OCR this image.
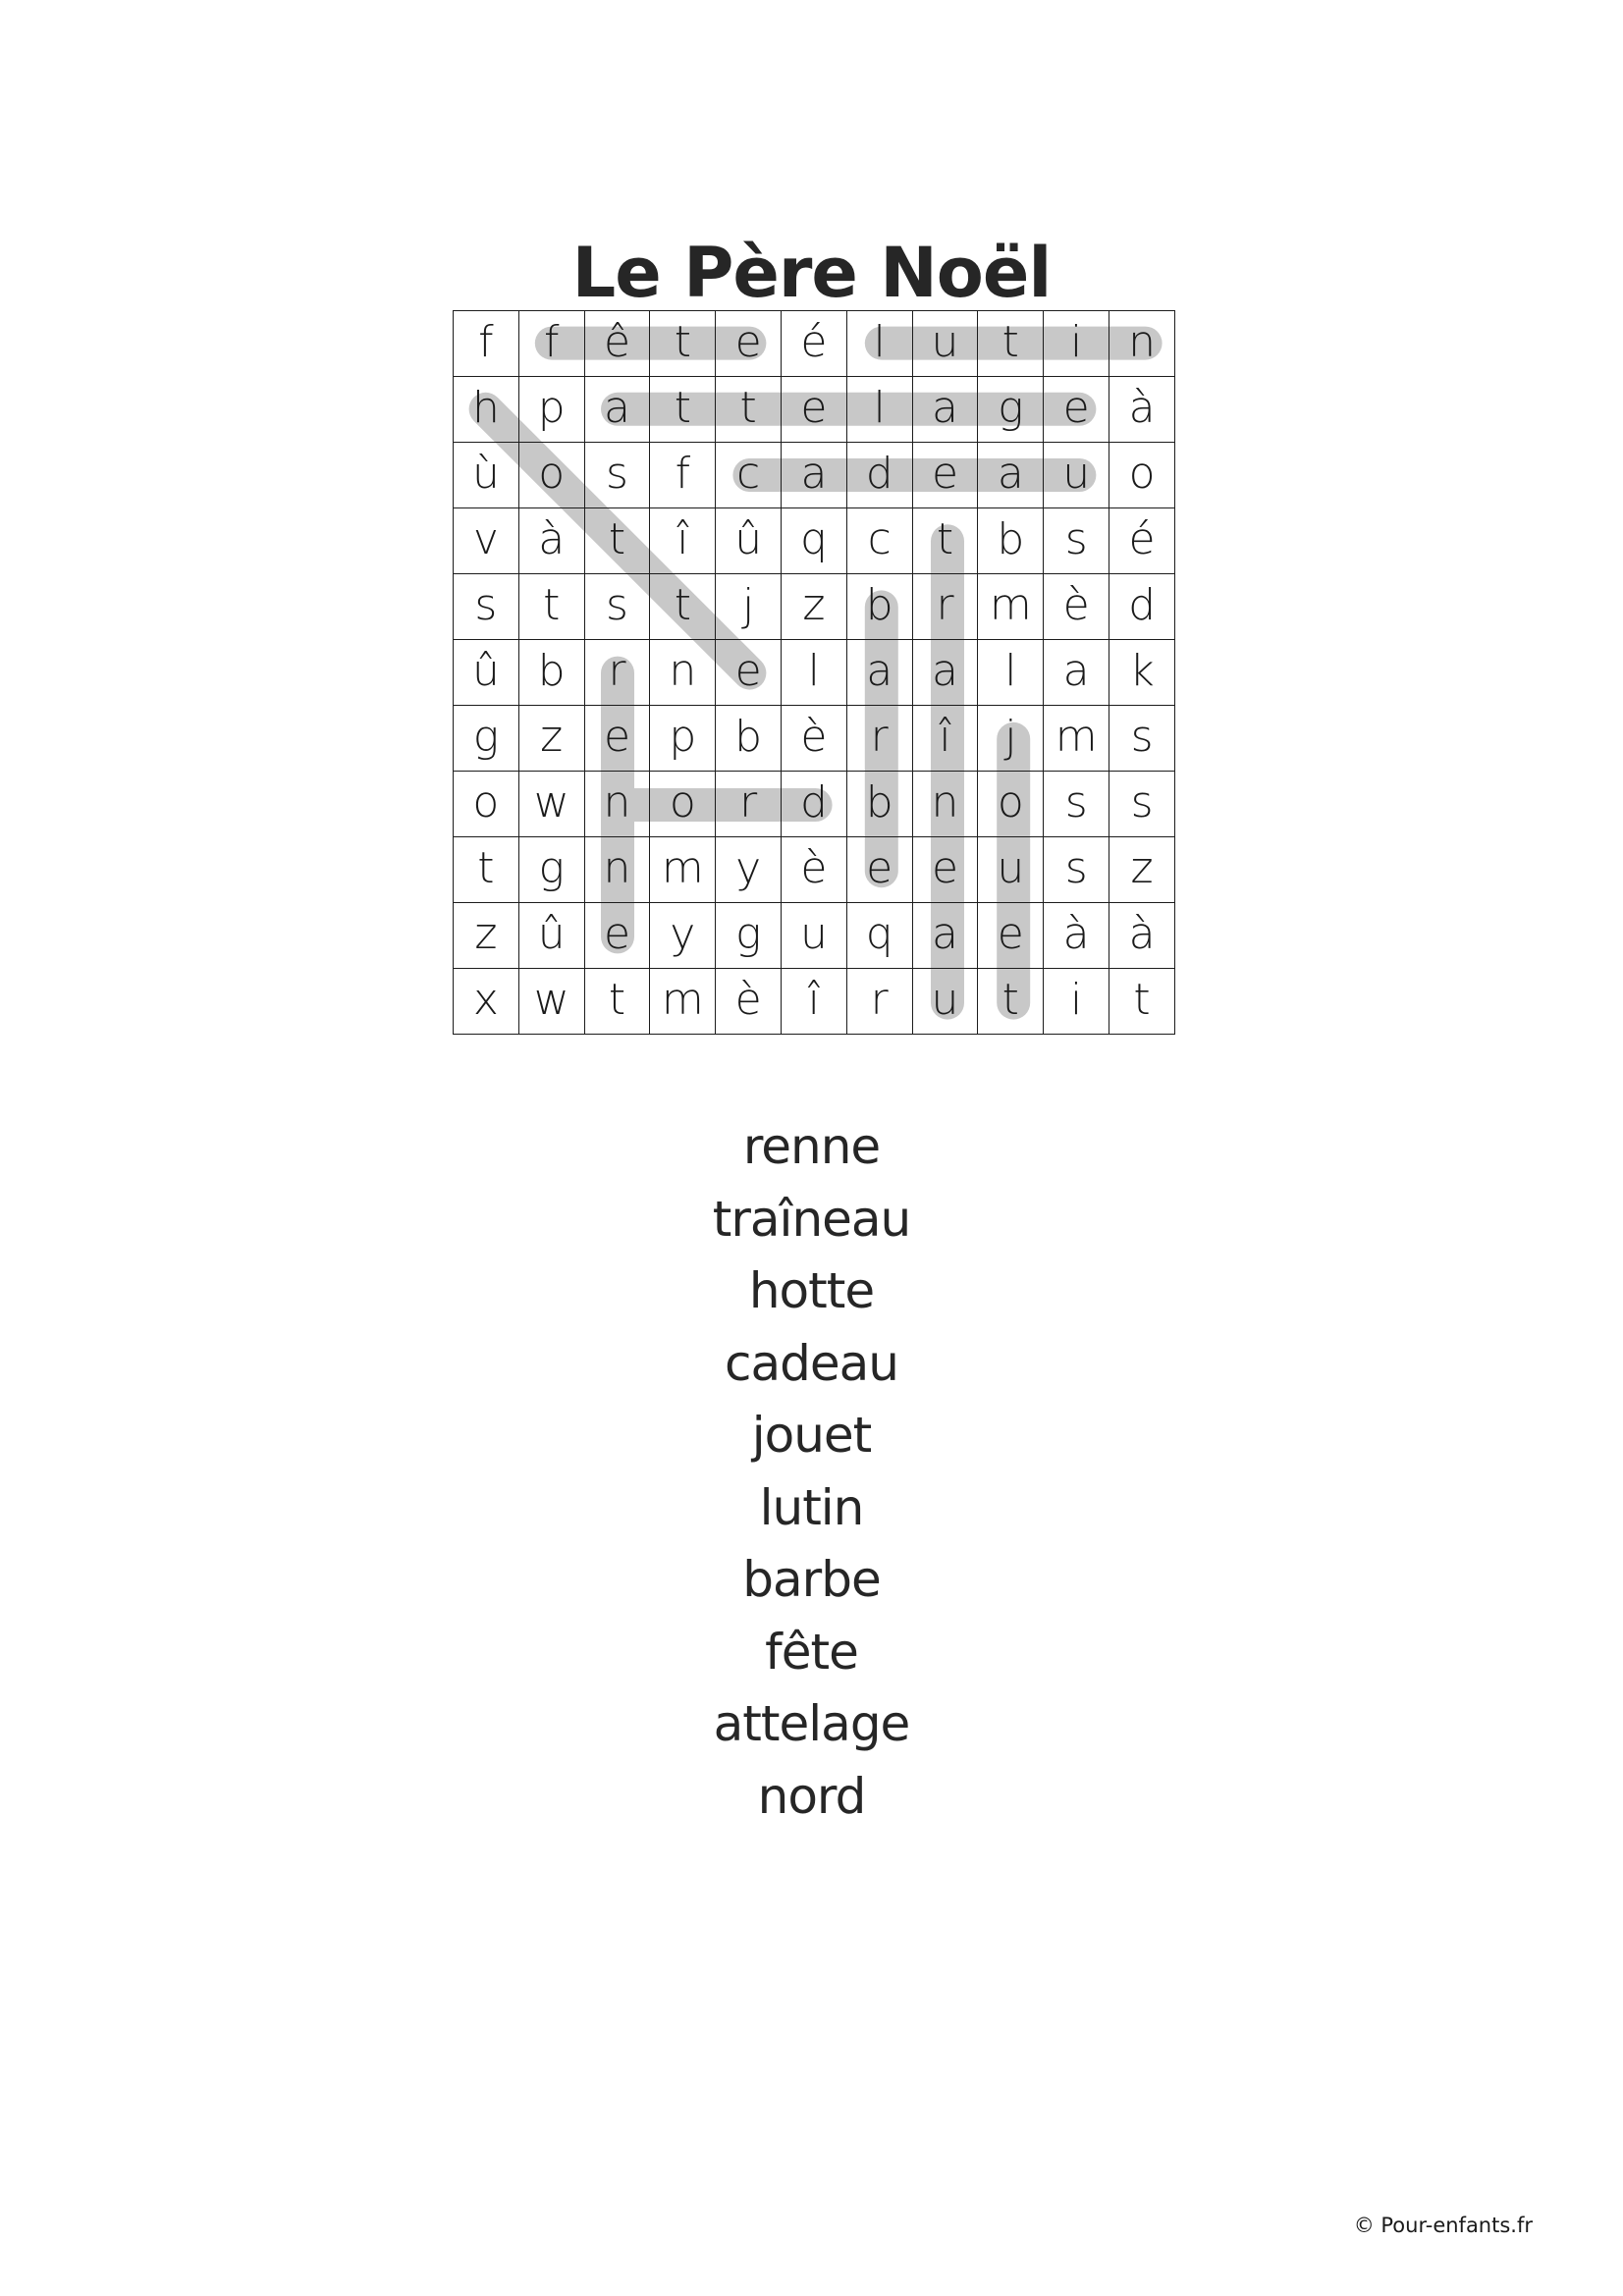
Le Père Noël
f	f	ê	t	e	é	l	u	t	i	n
h	p	a	t	t	e	l	a	g	e	à
ù	o	s	f	c	a	d	e	a	u	o
v	à	t	î	û	q	c	t	b	s	é
s	t	s	t	j	z	b	r	m	è	d
û	b	r	n	e	l	a	a	l	a	k
g	z	e	p	b	è	r	î	j	m	s
o	w	n	o	r	d	b	n	o	s	s
t	g	n	m	y	è	e	e	u	s	z
z	û	e	y	g	u	q	a	e	à	à
x	w	t	m	è	î	r	u	t	i	t
renne
traîneau
hotte
cadeau
jouet
lutin
barbe
fête
attelage
nord
© Pour-enfants.fr
